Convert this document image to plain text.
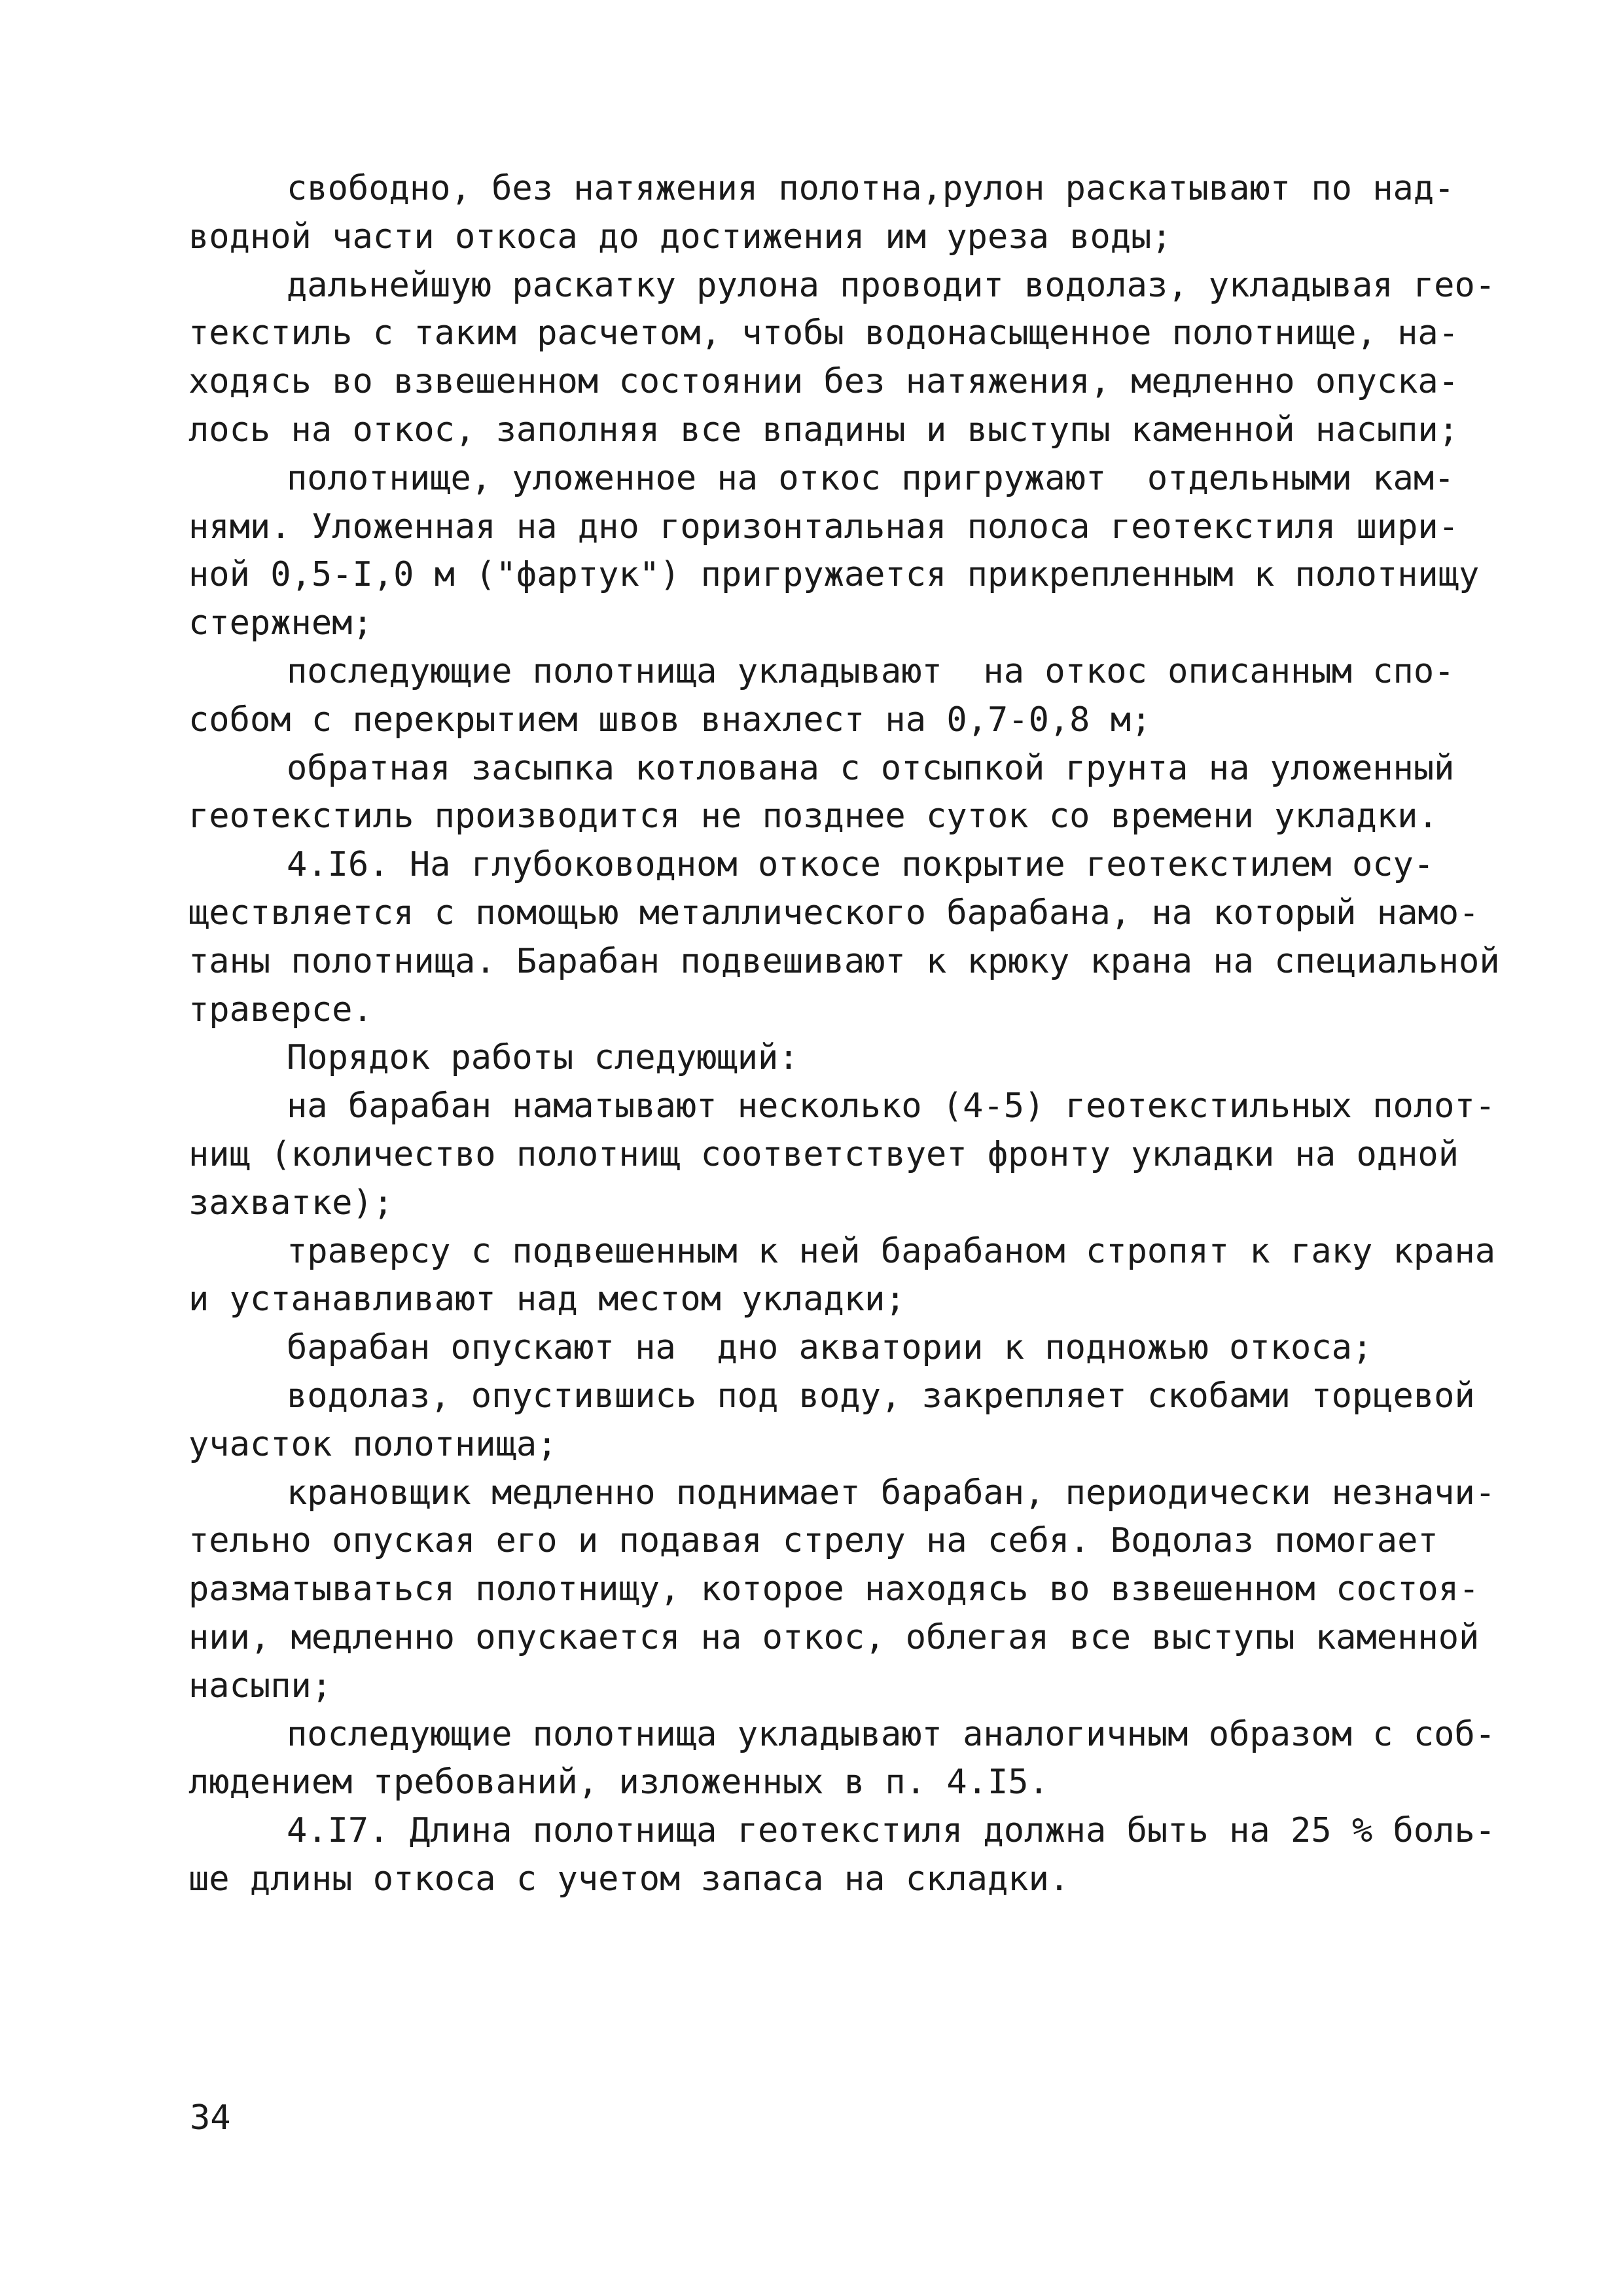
свободно, без натяжения полотна,рулон раскатывают по над-
водной части откоса до достижения им уреза воды;
дальнейшую раскатку рулона проводит водолаз, укладывая гео-
текстиль с таким расчетом, чтобы водонасыщенное полотнище, на-
ходясь во взвешенном состоянии без натяжения, медленно опуска-
лось на откос, заполняя все впадины и выступы каменной насыпи;
полотнище, уложенное на откос пригружают  отдельными кам-
нями. Уложенная на дно горизонтальная полоса геотекстиля шири-
ной 0,5-I,0 м ("фартук") пригружается прикрепленным к полотнищу
стержнем;
последующие полотнища укладывают  на откос описанным спо-
собом с перекрытием швов внахлест на 0,7-0,8 м;
обратная засыпка котлована с отсыпкой грунта на уложенный
геотекстиль производится не позднее суток со времени укладки.
4.I6. На глубоководном откосе покрытие геотекстилем осу-
ществляется с помощью металлического барабана, на который намо-
таны полотнища. Барабан подвешивают к крюку крана на специальной
траверсе.
Порядок работы следующий:
на барабан наматывают несколько (4-5) геотекстильных полот-
нищ (количество полотнищ соответствует фронту укладки на одной
захватке);
траверсу с подвешенным к ней барабаном стропят к гаку крана
и устанавливают над местом укладки;
барабан опускают на  дно акватории к подножью откоса;
водолаз, опустившись под воду, закрепляет скобами торцевой
участок полотнища;
крановщик медленно поднимает барабан, периодически незначи-
тельно опуская его и подавая стрелу на себя. Водолаз помогает
разматываться полотнищу, которое находясь во взвешенном состоя-
нии, медленно опускается на откос, облегая все выступы каменной
насыпи;
последующие полотнища укладывают аналогичным образом с соб-
людением требований, изложенных в п. 4.I5.
4.I7. Длина полотнища геотекстиля должна быть на 25 % боль-
ше длины откоса с учетом запаса на складки.
34
